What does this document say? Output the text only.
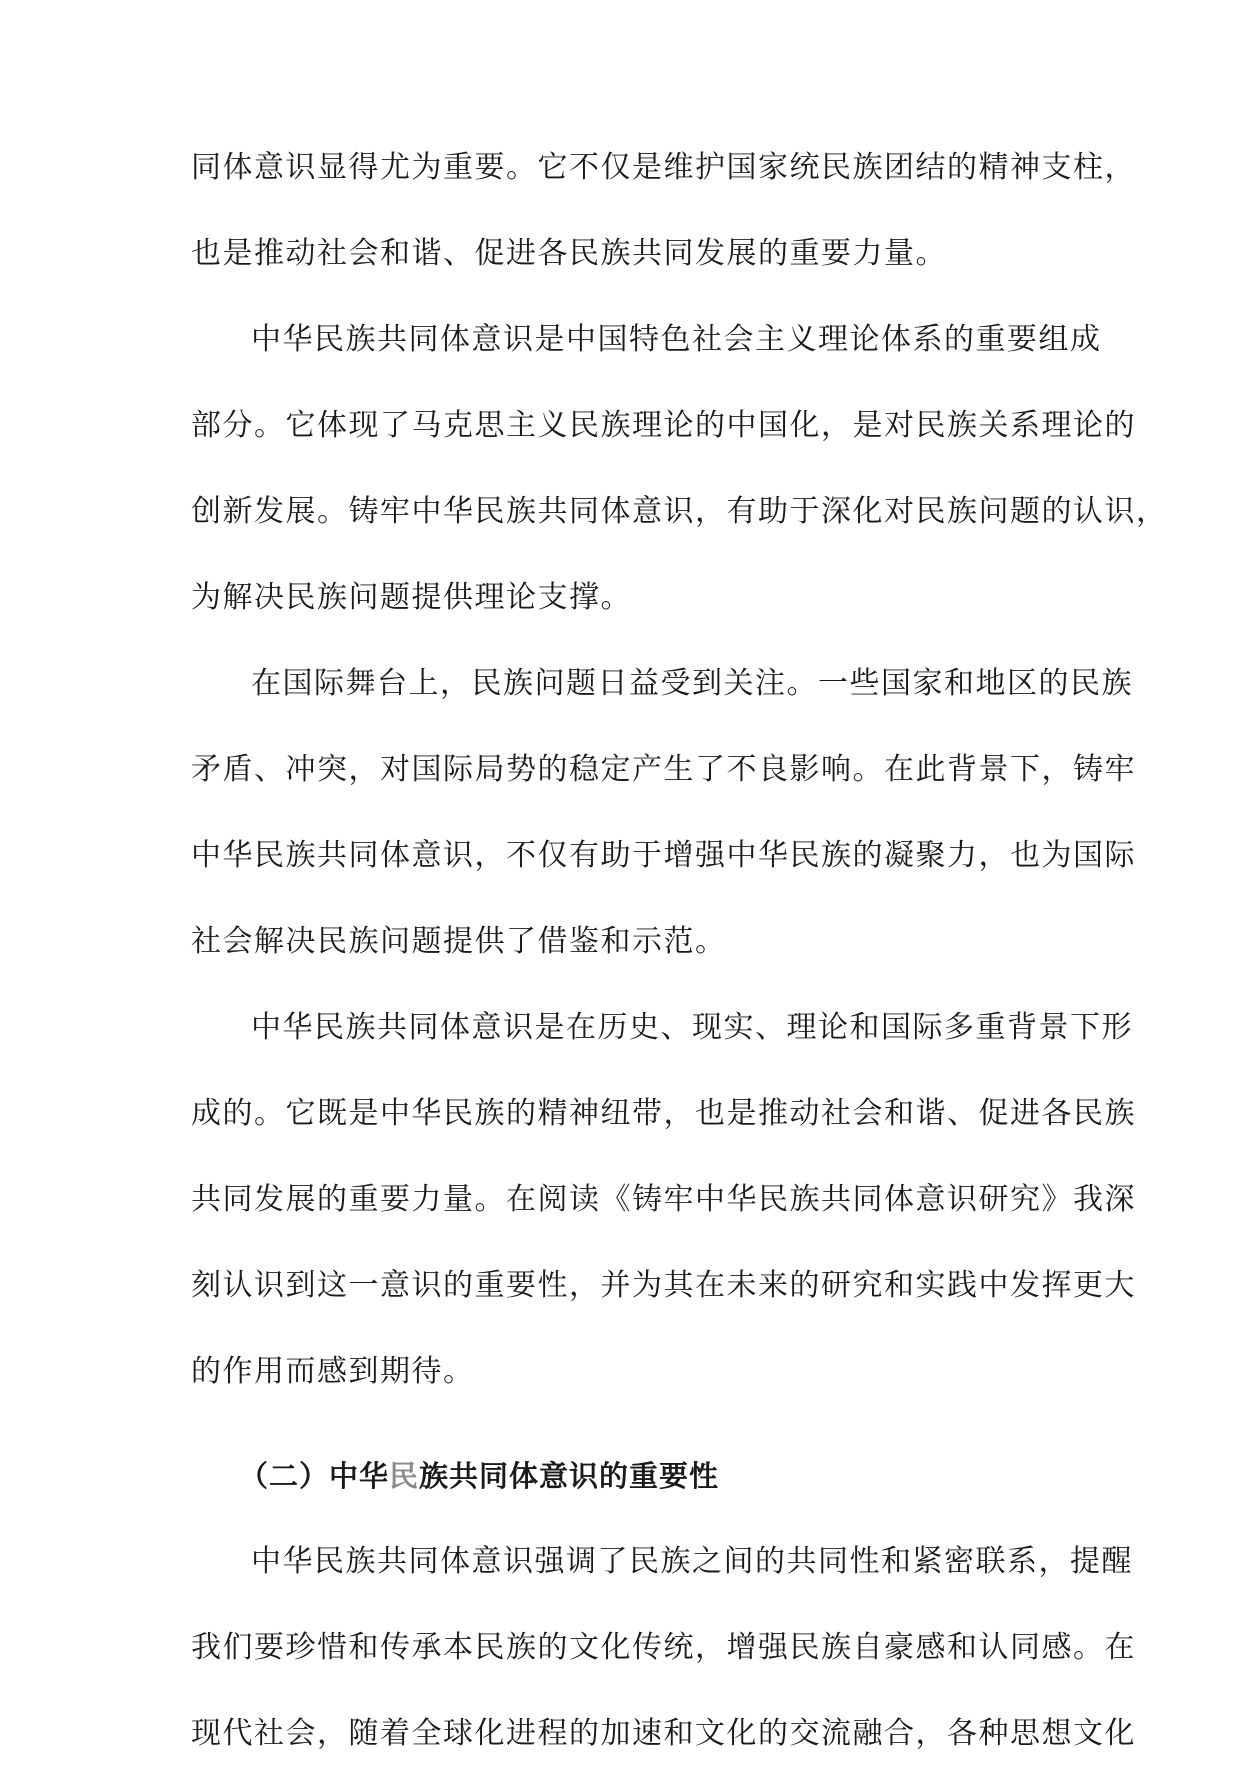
同体意识显得尤为重要。它不仅是维护国家统民族团结的精神支柱，
也是推动社会和谐、促进各民族共同发展的重要力量。
中华民族共同体意识是中国特色社会主义理论体系的重要组成
部分。它体现了马克思主义民族理论的中国化，是对民族关系理论的
创新发展。铸牢中华民族共同体意识，有助于深化对民族问题的认识，
为解决民族问题提供理论支撑。
在国际舞台上，民族问题日益受到关注。一些国家和地区的民族
矛盾、冲突，对国际局势的稳定产生了不良影响。在此背景下，铸牢
中华民族共同体意识，不仅有助于增强中华民族的凝聚力，也为国际
社会解决民族问题提供了借鉴和示范。
中华民族共同体意识是在历史、现实、理论和国际多重背景下形
成的。它既是中华民族的精神纽带，也是推动社会和谐、促进各民族
共同发展的重要力量。在阅读《铸牢中华民族共同体意识研究》我深
刻认识到这一意识的重要性，并为其在未来的研究和实践中发挥更大
的作用而感到期待。
（二）中华民族共同体意识的重要性
中华民族共同体意识强调了民族之间的共同性和紧密联系，提醒
我们要珍惜和传承本民族的文化传统，增强民族自豪感和认同感。在
现代社会，随着全球化进程的加速和文化的交流融合，各种思想文化
